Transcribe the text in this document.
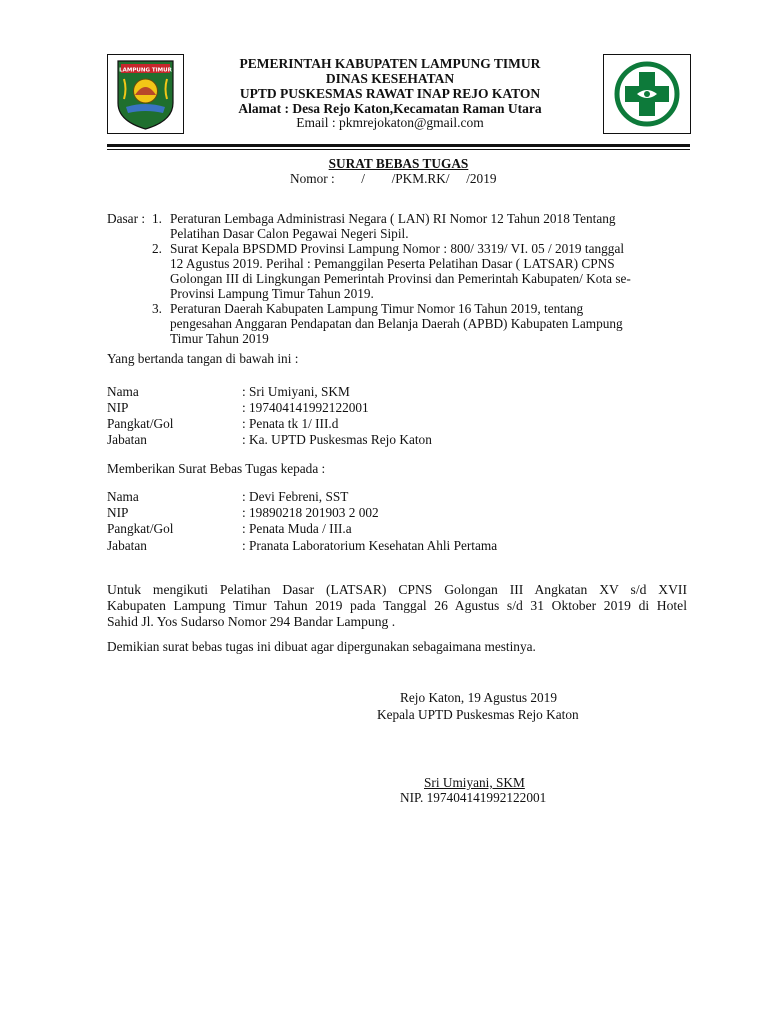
LAMPUNG TIMUR	PEMERINTAH KABUPATEN LAMPUNG TIMUR
DINAS KESEHATAN
UPTD PUSKESMAS RAWAT INAP REJO KATON
Alamat : Desa Rejo Katon,Kecamatan Raman Utara
Email : pkmrejokaton@gmail.com
SURAT BEBAS TUGAS
Nomor :        /        /PKM.RK/     /2019
Dasar : 1. Peraturan Lembaga Administrasi Negara ( LAN) RI Nomor 12 Tahun 2018 Tentang
Pelatihan Dasar Calon Pegawai Negeri Sipil.
2. Surat Kepala BPSDMD Provinsi Lampung Nomor : 800/ 3319/ VI. 05 / 2019 tanggal
12 Agustus 2019. Perihal : Pemanggilan Peserta Pelatihan Dasar ( LATSAR) CPNS
Golongan III di Lingkungan Pemerintah Provinsi dan Pemerintah Kabupaten/ Kota se-
Provinsi Lampung Timur Tahun 2019.
3. Peraturan Daerah Kabupaten Lampung Timur Nomor 16 Tahun 2019, tentang
pengesahan Anggaran Pendapatan dan Belanja Daerah (APBD) Kabupaten Lampung
Timur Tahun 2019
Yang bertanda tangan di bawah ini :
Nama	: Sri Umiyani, SKM
NIP	: 197404141992122001
Pangkat/Gol	: Penata tk 1/ III.d
Jabatan	: Ka. UPTD Puskesmas Rejo Katon
Memberikan Surat Bebas Tugas kepada :
Nama	: Devi Febreni, SST
NIP	: 19890218 201903 2 002
Pangkat/Gol	: Penata Muda / III.a
Jabatan	: Pranata Laboratorium Kesehatan Ahli Pertama
Untuk mengikuti Pelatihan Dasar (LATSAR) CPNS Golongan III Angkatan XV s/d XVII
Kabupaten Lampung Timur Tahun 2019 pada Tanggal 26 Agustus s/d 31 Oktober 2019 di Hotel
Sahid Jl. Yos Sudarso Nomor 294 Bandar Lampung .
Demikian surat bebas tugas ini dibuat agar dipergunakan sebagaimana mestinya.
Rejo Katon, 19 Agustus 2019
Kepala UPTD Puskesmas Rejo Katon
Sri Umiyani, SKM
NIP. 197404141992122001
